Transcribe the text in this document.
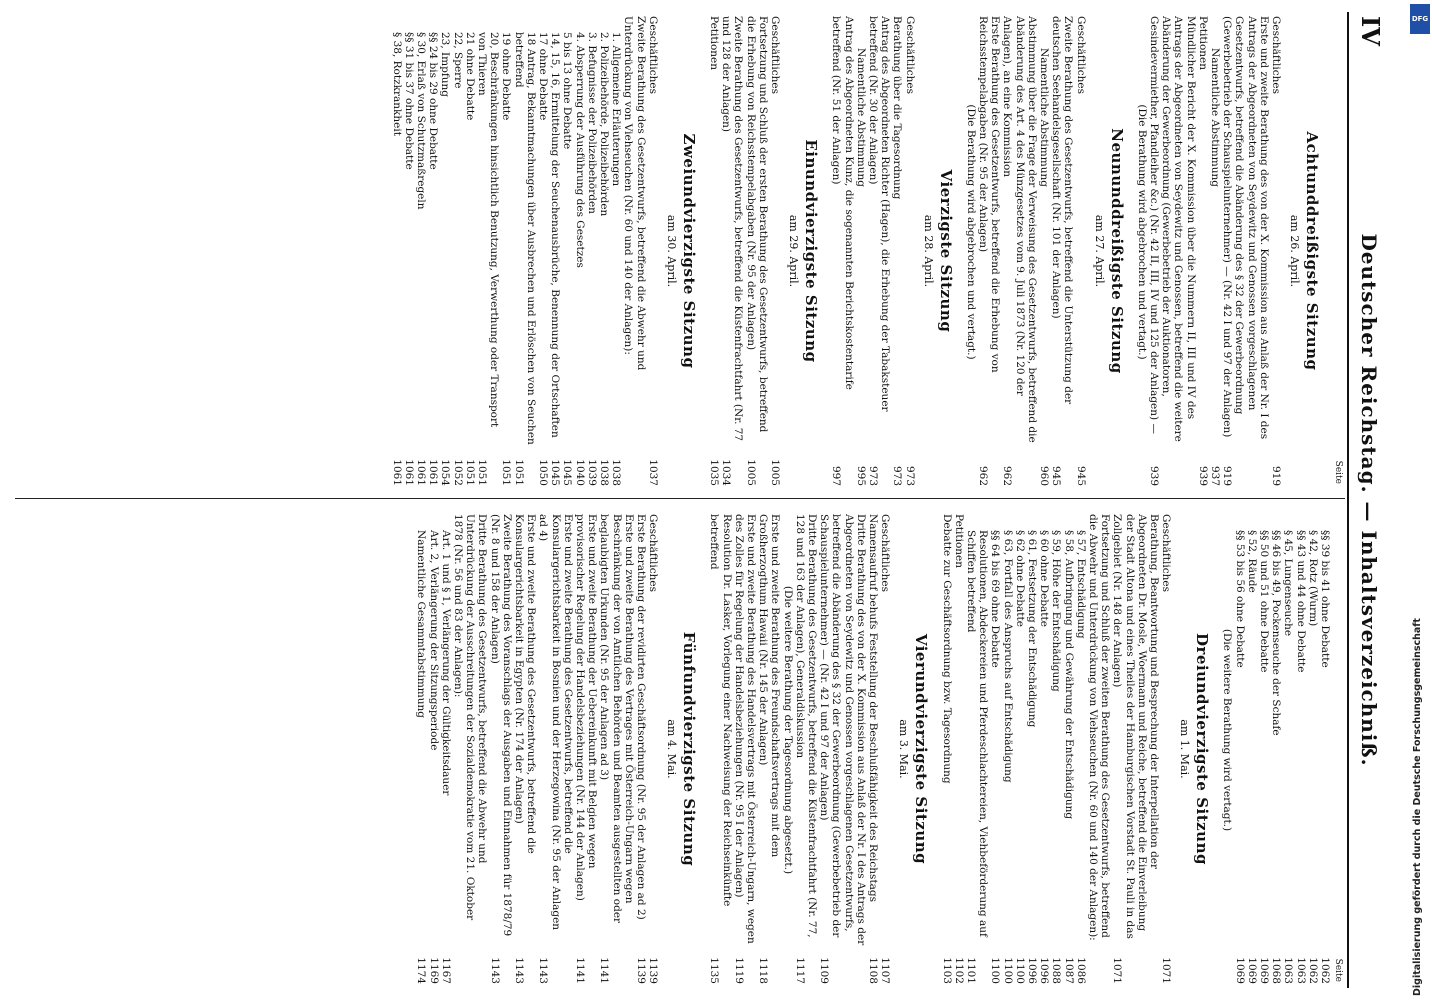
IV
Deutscher Reichstag. — Inhaltsverzeichniß.
Seite
Achtunddreißigste Sitzung
am 26. April.
Geschäftliches
919
Erste und zweite Berathung des von der X. Kommission aus Anlaß der Nr. I des Antrags der Abgeordneten von Seydewitz und Genossen vorgeschlagenen Gesetzentwurfs, betreffend die Abänderung des § 32 der Gewerbeordnung (Gewerbebetrieb der Schauspielunternehmer) — (Nr. 42 I und 97 der Anlagen)
919
Namentliche Abstimmung
937
Petitionen
939
Mündlicher Bericht der X. Kommission über die Nummern II, III und IV des Antrags der Abgeordneten von Seydewitz und Genossen, betreffend die weitere Abänderung der Gewerbeordnung (Gewerbebetrieb der Auktionatoren, Gesindevermiether, Pfandleiher &c.) (Nr. 42 II, III, IV und 125 der Anlagen) —
939
(Die Berathung wird abgebrochen und vertagt.)
Neununddreißigste Sitzung
am 27. April.
Geschäftliches
945
Zweite Berathung des Gesetzentwurfs, betreffend die Unterstützung der deutschen Seehandelsgesellschaft (Nr. 101 der Anlagen)
945
Namentliche Abstimmung
960
Abstimmung über die Frage der Verweisung des Gesetzentwurfs, betreffend die Abänderung des Art. 4 des Münzgesetzes vom 9. Juli 1873 (Nr. 120 der Anlagen), an eine Kommission
962
Erste Berathung des Gesetzentwurfs, betreffend die Erhebung von Reichsstempelabgaben (Nr. 95 der Anlagen)
962
(Die Berathung wird abgebrochen und vertagt.)
Vierzigste Sitzung
am 28. April.
Geschäftliches
973
Berathung über die Tagesordnung
973
Antrag des Abgeordneten Richter (Hagen), die Erhebung der Tabaksteuer betreffend (Nr. 30 der Anlagen)
973
Namentliche Abstimmung
995
Antrag des Abgeordneten Kunz, die sogenannten Berichtskostentarife betreffend (Nr. 51 der Anlagen)
997
Einundvierzigste Sitzung
am 29. April.
Geschäftliches
1005
Fortsetzung und Schluß der ersten Berathung des Gesetzentwurfs, betreffend die Erhebung von Reichsstempelabgaben (Nr. 95 der Anlagen)
1005
Zweite Berathung des Gesetzentwurfs, betreffend die Küstenfrachtfahrt (Nr. 77 und 128 der Anlagen)
1034
Petitionen
1035
Zweiundvierzigste Sitzung
am 30. April.
Geschäftliches
1037
Zweite Berathung des Gesetzentwurfs, betreffend die Abwehr und Unterdrückung von Viehseuchen (Nr. 60 und 140 der Anlagen):
1. Allgemeine Erläuterungen
1038
2. Polizeibehörde, Polizeibehörden
1038
3. Befugnisse der Polizeibehörden
1039
4. Absperrung der Ausführung des Gesetzes
1040
5 bis 13 ohne Debatte
1045
14, 15, 16, Ermittelung der Seuchenausbrüche, Benennung der Ortschaften
1045
17 ohne Debatte
1050
18 Antrag, Bekanntmachungen über Ausbrechen und Erlöschen von Seuchen betreffend
1051
19 ohne Debatte
1051
20, Beschränkungen hinsichtlich Benutzung, Verwerthung oder Transport von Thieren
1051
21 ohne Debatte
1051
22, Sperre
1052
23, Impfung
1054
§§ 24 bis 29 ohne Debatte
1061
§ 30, Erlaß von Schutzmaßregeln
1061
§§ 31 bis 37 ohne Debatte
1061
§ 38, Rotzkrankheit
1061
Seite
§§ 39 bis 41 ohne Debatte
1062
§ 42, Rotz (Wurm)
1062
§§ 43 und 44 ohne Debatte
1063
§ 45, Lungenseuche
1063
§§ 46 bis 49, Pockenseuche der Schafe
1068
§§ 50 und 51 ohne Debatte
1069
§ 52, Räude
1069
§§ 53 bis 56 ohne Debatte
1069
(Die weitere Berathung wird vertagt.)
Dreiundvierzigste Sitzung
am 1. Mai.
Geschäftliches
1071
Berathung, Beantwortung und Besprechung der Interpellation der Abgeordneten Dr. Mosle, Woermann und Reiche, betreffend die Einverleibung der Stadt Altona und eines Theiles der Hamburgischen Vorstadt St. Pauli in das Zollgebiet (Nr. 148 der Anlagen)
1071
Fortsetzung und Schluß der zweiten Berathung des Gesetzentwurfs, betreffend die Abwehr und Unterdrückung von Viehseuchen (Nr. 60 und 140 der Anlagen):
§ 57, Entschädigung
1086
§ 58, Aufbringung und Gewährung der Entschädigung
1087
§ 59, Höhe der Entschädigung
1088
§ 60 ohne Debatte
1096
§ 61, Festsetzung der Entschädigung
1096
§ 62 ohne Debatte
1100
§ 63, Fortfall des Anspruchs auf Entschädigung
1100
§§ 64 bis 69 ohne Debatte
1100
Resolutionen, Abdeckereien und Pferdeschlachtereien, Viehbeförderung auf Schiffen betreffend
1101
Petitionen
1102
Debatte zur Geschäftsordnung bzw. Tagesordnung
1103
Vierundvierzigste Sitzung
am 3. Mai.
Geschäftliches
1107
Namensaufruf behufs Feststellung der Beschlußfähigkeit des Reichstags
1108
Dritte Berathung des von der X. Kommission aus Anlaß der Nr. I des Antrags der Abgeordneten von Seydewitz und Genossen vorgeschlagenen Gesetzentwurfs, betreffend die Abänderung des § 32 der Gewerbeordnung (Gewerbebetrieb der Schauspielunternehmer) — (Nr. 42 I und 97 der Anlagen)
1109
Dritte Berathung des Gesetzentwurfs, betreffend die Küstenfrachtfahrt (Nr. 77, 128 und 163 der Anlagen), Generaldiskussion
1117
(Die weitere Berathung der Tagesordnung abgesetzt.)
Erste und zweite Berathung des Freundschaftsvertrags mit dem Großherzogthum Hawaii (Nr. 145 der Anlagen)
1118
Erste und zweite Berathung des Handelsvertrags mit Österreich-Ungarn, wegen des Zolles für Regelung der Handelsbeziehungen (Nr. 95 I der Anlagen)
1119
Resolution Dr. Lasker, Vorlegung einer Nachweisung der Reichseinkünfte betreffend
1135
Fünfundvierzigste Sitzung
am 4. Mai.
Geschäftliches
1139
Erste Berathung der revidirten Geschäftsordnung (Nr. 95 der Anlagen ad 2)
1139
Erste und zweite Berathung des Vertrages mit Österreich-Ungarn wegen Beschränkung der von Amtlichen Behörden und Beamten ausgestellten oder beglaubigten Urkunden (Nr. 95 der Anlagen ad 3)
1141
Erste und zweite Berathung der Uebereinkunft mit Belgien wegen provisorischer Regelung der Handelsbeziehungen (Nr. 144 der Anlagen)
1141
Erste und zweite Berathung des Gesetzentwurfs, betreffend die Konsulargerichtsbarkeit in Bosnien und der Herzegowina (Nr. 95 der Anlagen ad 4)
1143
Erste und zweite Berathung des Gesetzentwurfs, betreffend die Konsulargerichtsbarkeit in Egypten (Nr. 174 der Anlagen)
1143
Zweite Berathung des Voranschlags der Ausgaben und Einnahmen für 1878/79 (Nr. 8 und 158 der Anlagen)
1143
Dritte Berathung des Gesetzentwurfs, betreffend die Abwehr und Unterdrückung der Ausschreitungen der Sozialdemokratie vom 21. Oktober 1878 (Nr. 56 und 83 der Anlagen):
Art. 1 und § 1, Verlängerung der Gültigkeitsdauer
1167
Art. 2, Verlängerung der Sitzungsperiode
1169
Namentliche Gesammtabstimmung
1174
DFG
Digitalisierung gefördert durch die Deutsche Forschungsgemeinschaft
